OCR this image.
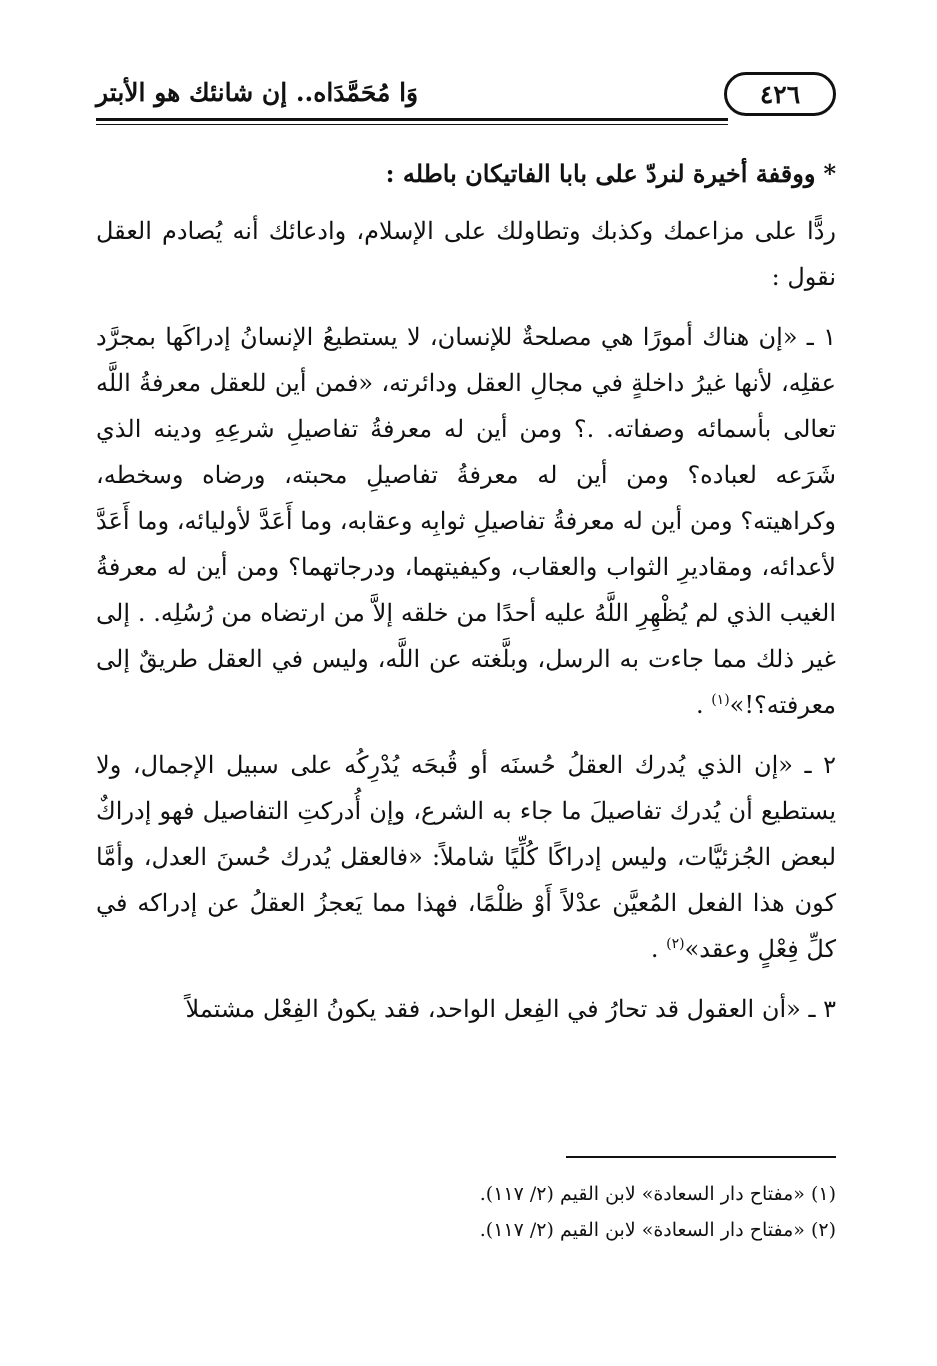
٤٢٦
وَا مُحَمَّدَاه.. إن شانئك هو الأبتر

*ووقفة أخيرة لنردّ على بابا الفاتيكان باطله :

ردًّا على مزاعمك وكذبك وتطاولك على الإسلام، وادعائك أنه يُصادم العقل نقول :

١ ـ «إن هناك أمورًا هي مصلحةٌ للإنسان، لا يستطيعُ الإنسانُ إدراكَها بمجرَّد عقلِه، لأنها غيرُ داخلةٍ في مجالِ العقل ودائرته، «فمن أين للعقل معرفةُ اللَّه تعالى بأسمائه وصفاته. .؟ ومن أين له معرفةُ تفاصيلِ شرعِهِ ودينه الذي شَرَعه لعباده؟ ومن أين له معرفةُ تفاصيلِ محبته، ورضاه وسخطه، وكراهيته؟ ومن أين له معرفةُ تفاصيلِ ثوابِه وعقابه، وما أَعَدَّ لأوليائه، وما أَعَدَّ لأعدائه، ومقاديرِ الثواب والعقاب، وكيفيتهما، ودرجاتهما؟ ومن أين له معرفةُ الغيب الذي لم يُظْهِرِ اللَّهُ عليه أحدًا من خلقه إلاَّ من ارتضاه من رُسُلِه. . إلى غير ذلك مما جاءت به الرسل، وبلَّغته عن اللَّه، وليس في العقل طريقٌ إلى معرفته؟!»$^{(١)}$ .

٢ ـ «إن الذي يُدرك العقلُ حُسنَه أو قُبحَه يُدْرِكُه على سبيل الإجمال، ولا يستطيع أن يُدرك تفاصيلَ ما جاء به الشرع، وإن أُدركتِ التفاصيل فهو إدراكٌ لبعض الجُزئيَّات، وليس إدراكًا كُلِّيًا شاملاً: «فالعقل يُدرك حُسنَ العدل، وأمَّا كون هذا الفعل المُعيَّن عدْلاً أَوْ ظلْمًا، فهذا مما يَعجزُ العقلُ عن إدراكه في كلِّ فِعْلٍ وعقد»$^{(٢)}$ .

٣ ـ «أن العقول قد تحارُ في الفِعل الواحد، فقد يكونُ الفِعْل مشتملاً

(١) «مفتاح دار السعادة» لابن القيم (٢/ ١١٧).
(٢) «مفتاح دار السعادة» لابن القيم (٢/ ١١٧).
